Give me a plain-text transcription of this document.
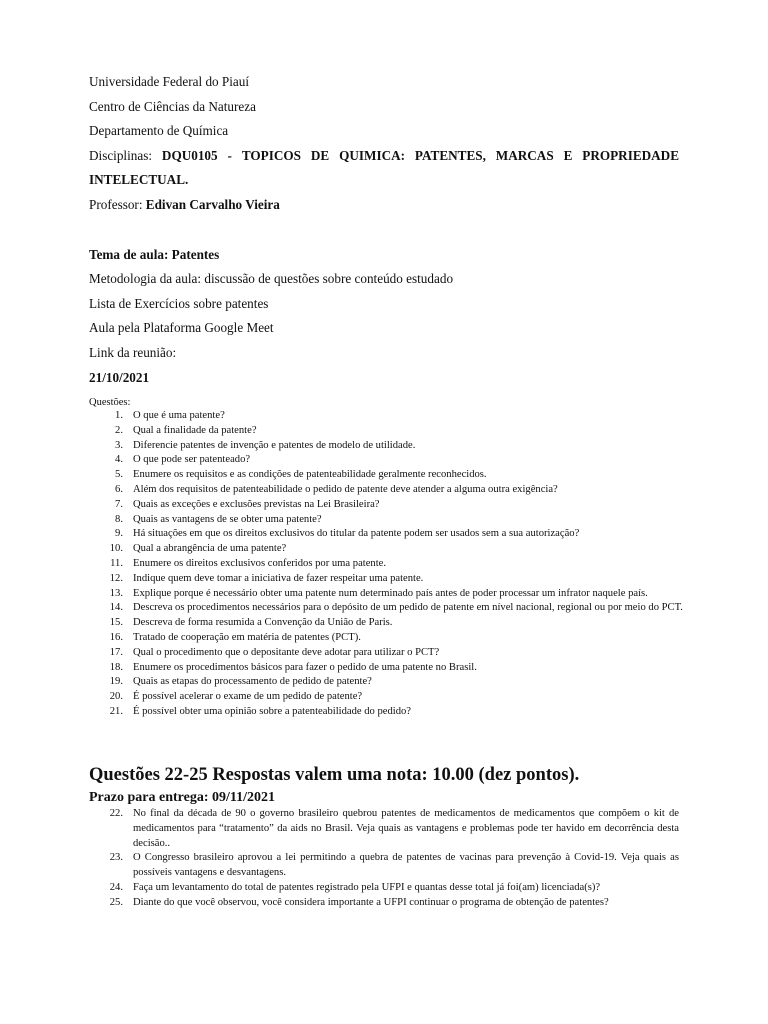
Universidade Federal do Piauí
Centro de Ciências da Natureza
Departamento de Química
Disciplinas: DQU0105 - TOPICOS DE QUIMICA: PATENTES, MARCAS E PROPRIEDADE
INTELECTUAL.
Professor: Edivan Carvalho Vieira
Tema de aula: Patentes
Metodologia da aula: discussão de questões sobre conteúdo estudado
Lista de Exercícios sobre patentes
Aula pela Plataforma Google Meet
Link da reunião:
21/10/2021
Questões:
1. O que é uma patente?
2. Qual a finalidade da patente?
3. Diferencie patentes de invenção e patentes de modelo de utilidade.
4. O que pode ser patenteado?
5. Enumere os requisitos e as condições de patenteabilidade geralmente reconhecidos.
6. Além dos requisitos de patenteabilidade o pedido de patente deve atender a alguma outra exigência?
7. Quais as exceções e exclusões previstas na Lei Brasileira?
8. Quais as vantagens de se obter uma patente?
9. Há situações em que os direitos exclusivos do titular da patente podem ser usados sem a sua autorização?
10. Qual a abrangência de uma patente?
11. Enumere os direitos exclusivos conferidos por uma patente.
12. Indique quem deve tomar a iniciativa de fazer respeitar uma patente.
13. Explique porque é necessário obter uma patente num determinado país antes de poder processar um infrator naquele país.
14. Descreva os procedimentos necessários para o depósito de um pedido de patente em nível nacional, regional ou por meio do PCT.
15. Descreva de forma resumida a Convenção da União de Paris.
16. Tratado de cooperação em matéria de patentes (PCT).
17. Qual o procedimento que o depositante deve adotar para utilizar o PCT?
18. Enumere os procedimentos básicos para fazer o pedido de uma patente no Brasil.
19. Quais as etapas do processamento de pedido de patente?
20. É possível acelerar o exame de um pedido de patente?
21. É possível obter uma opinião sobre a patenteabilidade do pedido?
Questões 22-25 Respostas valem uma nota: 10.00 (dez pontos).
Prazo para entrega: 09/11/2021
22. No final da década de 90 o governo brasileiro quebrou patentes de medicamentos de medicamentos que compõem o kit de medicamentos para “tratamento” da aids no Brasil. Veja quais as vantagens e problemas pode ter havido em decorrência desta decisão..
23. O Congresso brasileiro aprovou a lei permitindo a quebra de patentes de vacinas para prevenção à Covid-19. Veja quais as possíveis vantagens e desvantagens.
24. Faça um levantamento do total de patentes registrado pela UFPI e quantas desse total já foi(am) licenciada(s)?
25. Diante do que você observou, você considera importante a UFPI continuar o programa de obtenção de patentes?
